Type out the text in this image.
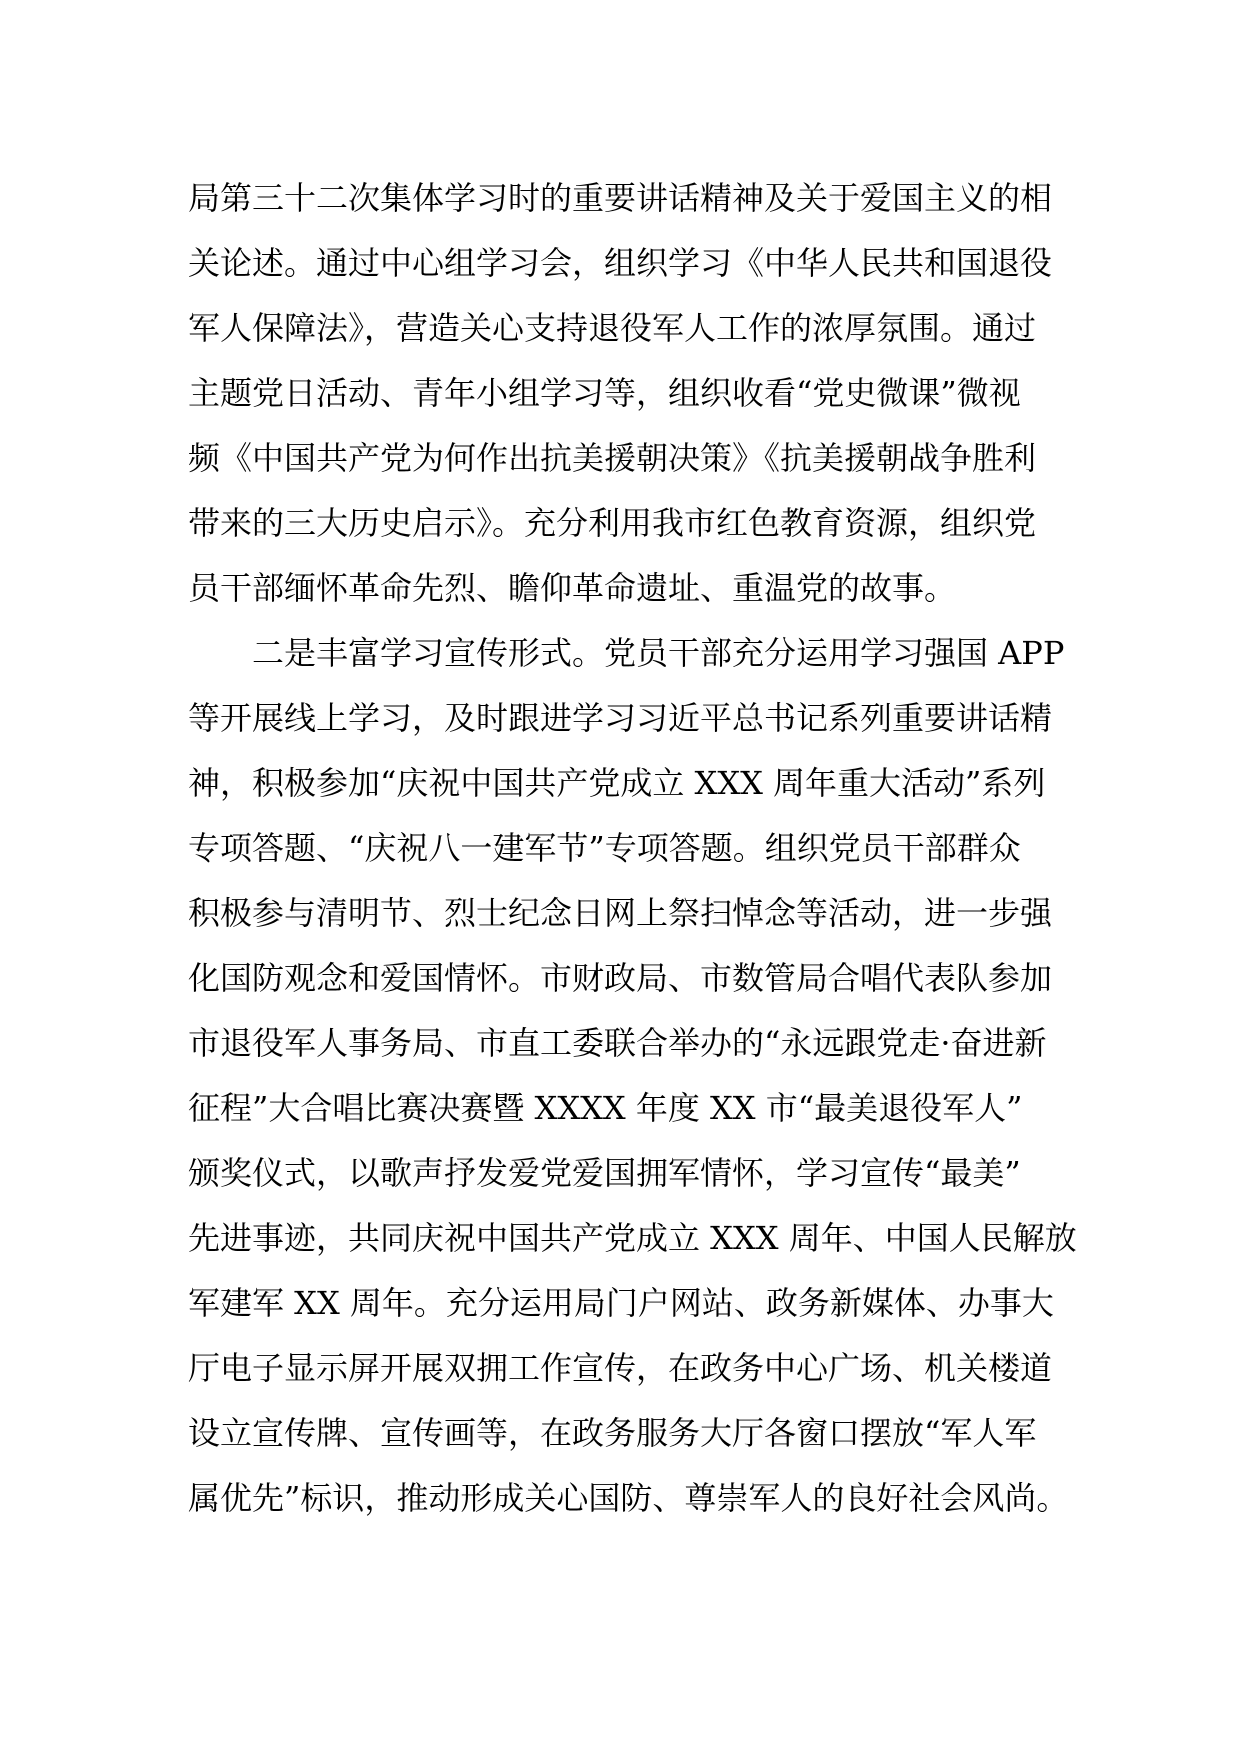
局第三十二次集体学习时的重要讲话精神及关于爱国主义的相
关论述。通过中心组学习会，组织学习《中华人民共和国退役
军人保障法》，营造关心支持退役军人工作的浓厚氛围。通过
主题党日活动、青年小组学习等，组织收看“党史微课”微视
频《中国共产党为何作出抗美援朝决策》《抗美援朝战争胜利
带来的三大历史启示》。充分利用我市红色教育资源，组织党
员干部缅怀革命先烈、瞻仰革命遗址、重温党的故事。
二是丰富学习宣传形式。党员干部充分运用学习强国 APP
等开展线上学习，及时跟进学习习近平总书记系列重要讲话精
神，积极参加“庆祝中国共产党成立 XXX 周年重大活动”系列
专项答题、“庆祝八一建军节”专项答题。组织党员干部群众
积极参与清明节、烈士纪念日网上祭扫悼念等活动，进一步强
化国防观念和爱国情怀。市财政局、市数管局合唱代表队参加
市退役军人事务局、市直工委联合举办的“永远跟党走·奋进新
征程”大合唱比赛决赛暨 XXXX 年度 XX 市“最美退役军人”
颁奖仪式，以歌声抒发爱党爱国拥军情怀，学习宣传“最美”
先进事迹，共同庆祝中国共产党成立 XXX 周年、中国人民解放
军建军 XX 周年。充分运用局门户网站、政务新媒体、办事大
厅电子显示屏开展双拥工作宣传，在政务中心广场、机关楼道
设立宣传牌、宣传画等，在政务服务大厅各窗口摆放“军人军
属优先”标识，推动形成关心国防、尊崇军人的良好社会风尚。
